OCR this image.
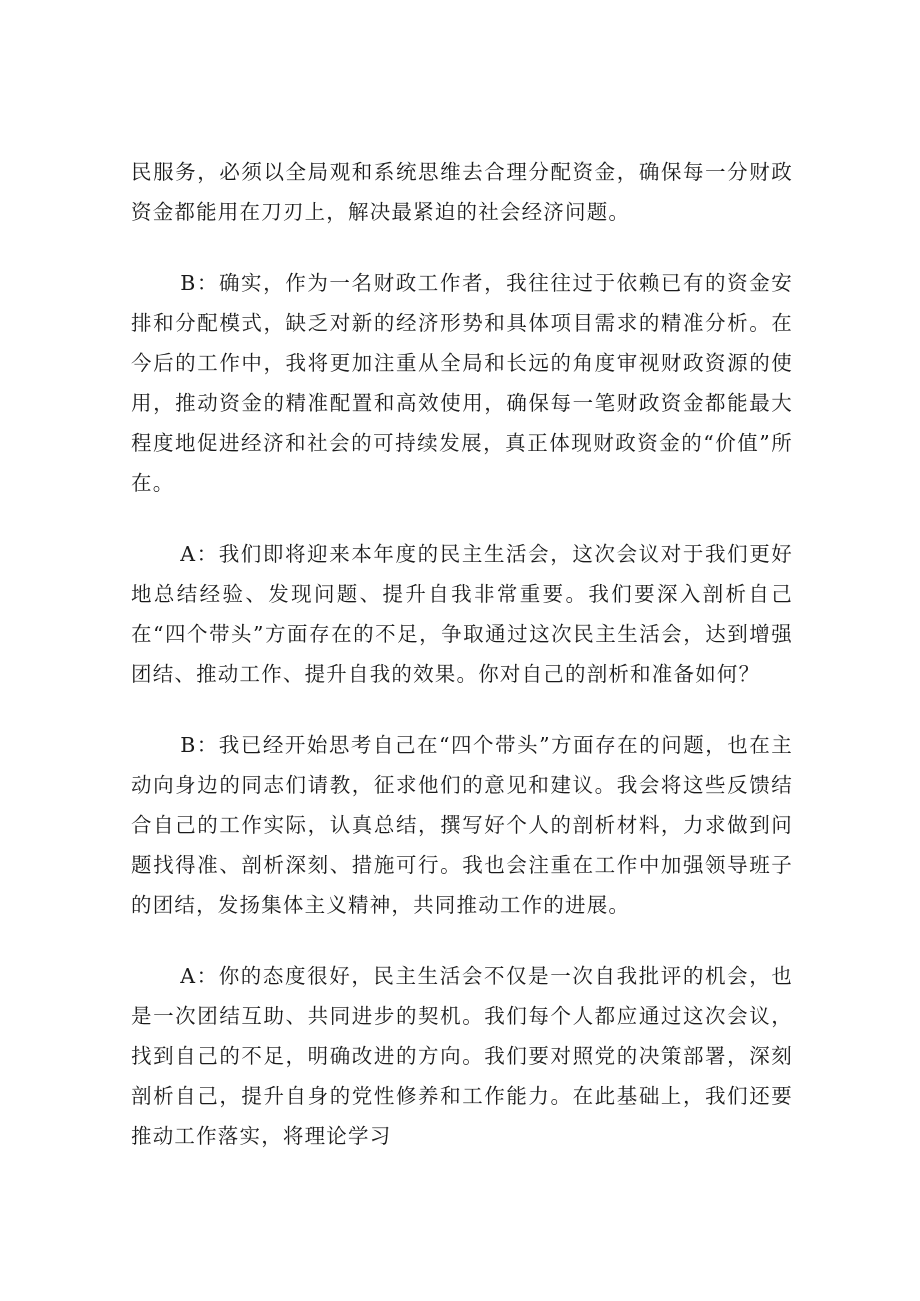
民服务，必须以全局观和系统思维去合理分配资金，确保每一分财政资金都能用在刀刃上，解决最紧迫的社会经济问题。

B：确实，作为一名财政工作者，我往往过于依赖已有的资金安排和分配模式，缺乏对新的经济形势和具体项目需求的精准分析。在今后的工作中，我将更加注重从全局和长远的角度审视财政资源的使用，推动资金的精准配置和高效使用，确保每一笔财政资金都能最大程度地促进经济和社会的可持续发展，真正体现财政资金的“价值”所在。

A：我们即将迎来本年度的民主生活会，这次会议对于我们更好地总结经验、发现问题、提升自我非常重要。我们要深入剖析自己在“四个带头”方面存在的不足，争取通过这次民主生活会，达到增强团结、推动工作、提升自我的效果。你对自己的剖析和准备如何？

B：我已经开始思考自己在“四个带头”方面存在的问题，也在主动向身边的同志们请教，征求他们的意见和建议。我会将这些反馈结合自己的工作实际，认真总结，撰写好个人的剖析材料，力求做到问题找得准、剖析深刻、措施可行。我也会注重在工作中加强领导班子的团结，发扬集体主义精神，共同推动工作的进展。

A：你的态度很好，民主生活会不仅是一次自我批评的机会，也是一次团结互助、共同进步的契机。我们每个人都应通过这次会议，找到自己的不足，明确改进的方向。我们要对照党的决策部署，深刻剖析自己，提升自身的党性修养和工作能力。在此基础上，我们还要推动工作落实，将理论学习
